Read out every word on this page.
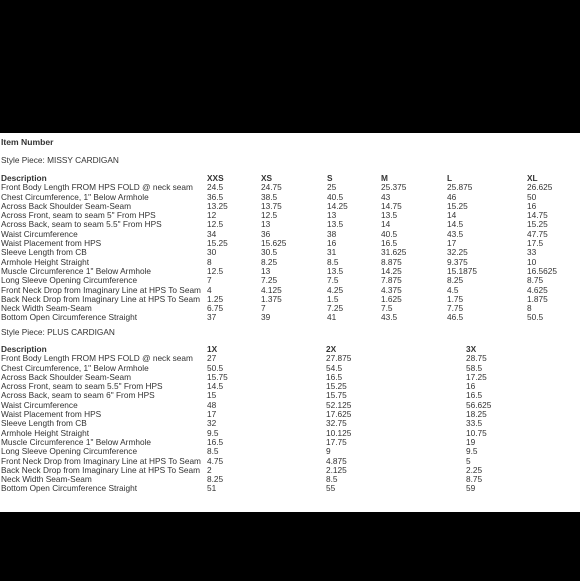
Item Number
Style Piece: MISSY CARDIGAN
Description	XXS	XS	S	M	L	XL
Front Body Length FROM HPS FOLD @ neck seam	24.5	24.75	25	25.375	25.875	26.625
Chest Circumference, 1" Below Armhole	36.5	38.5	40.5	43	46	50
Across Back Shoulder Seam-Seam	13.25	13.75	14.25	14.75	15.25	16
Across Front, seam to seam 5" From HPS	12	12.5	13	13.5	14	14.75
Across Back, seam to seam 5.5" From HPS	12.5	13	13.5	14	14.5	15.25
Waist Circumference	34	36	38	40.5	43.5	47.75
Waist Placement from HPS	15.25	15.625	16	16.5	17	17.5
Sleeve Length from CB	30	30.5	31	31.625	32.25	33
Armhole Height Straight	8	8.25	8.5	8.875	9.375	10
Muscle Circumference 1" Below Armhole	12.5	13	13.5	14.25	15.1875	16.5625
Long Sleeve Opening Circumference	7	7.25	7.5	7.875	8.25	8.75
Front Neck Drop from Imaginary Line at HPS To Seam	4	4.125	4.25	4.375	4.5	4.625
Back Neck Drop from Imaginary Line at HPS To Seam	1.25	1.375	1.5	1.625	1.75	1.875
Neck Width Seam-Seam	6.75	7	7.25	7.5	7.75	8
Bottom Open Circumference Straight	37	39	41	43.5	46.5	50.5
Style Piece: PLUS CARDIGAN
Description	1X	2X	3X
Front Body Length FROM HPS FOLD @ neck seam	27	27.875	28.75
Chest Circumference, 1" Below Armhole	50.5	54.5	58.5
Across Back Shoulder Seam-Seam	15.75	16.5	17.25
Across Front, seam to seam 5.5" From HPS	14.5	15.25	16
Across Back, seam to seam 6" From HPS	15	15.75	16.5
Waist Circumference	48	52.125	56.625
Waist Placement from HPS	17	17.625	18.25
Sleeve Length from CB	32	32.75	33.5
Armhole Height Straight	9.5	10.125	10.75
Muscle Circumference 1" Below Armhole	16.5	17.75	19
Long Sleeve Opening Circumference	8.5	9	9.5
Front Neck Drop from Imaginary Line at HPS To Seam	4.75	4.875	5
Back Neck Drop from Imaginary Line at HPS To Seam	2	2.125	2.25
Neck Width Seam-Seam	8.25	8.5	8.75
Bottom Open Circumference Straight	51	55	59
